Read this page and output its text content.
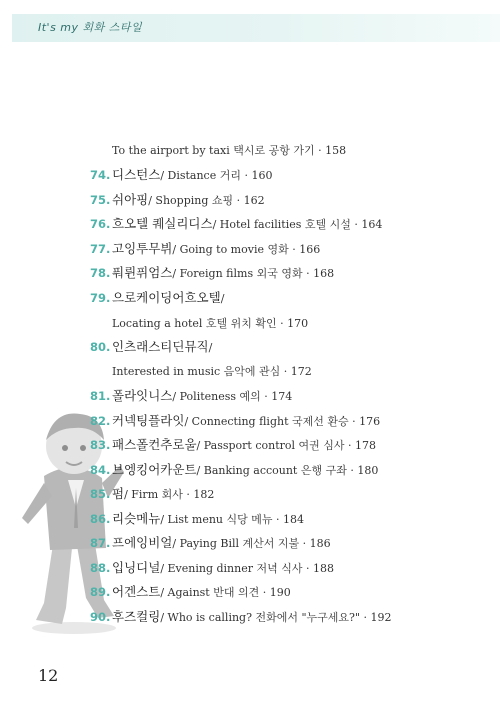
It's my 회화 스타일
To the airport by taxi 택시로 공항 가기 · 158
74. 디스턴스 / Distance 거리 · 160
75. 쉬아핑 / Shopping 쇼핑 · 162
76. 흐오텔 퀘실리디스 / Hotel facilities 호텔 시설 · 164
77. 고잉투무뷔 / Going to movie 영화 · 166
78. 풔륀퓌엄스 / Foreign films 외국 영화 · 168
79. 으로케이딩어흐오텔 /
Locating a hotel 호텔 위치 확인 · 170
80. 인츠래스티딘뮤직 /
Interested in music 음악에 관심 · 172
81. 폴라잇니스 / Politeness 예의 · 174
82. 커넥팅플라잇 / Connecting flight 국제선 환승 · 176
83. 패스폴컨추로울 / Passport control 여권 심사 · 178
84. 브엥킹어카운트 / Banking account 은행 구좌 · 180
85. 펌 / Firm 회사 · 182
86. 리슷메뉴 / List menu 식당 메뉴 · 184
87. 프에잉비얼 / Paying Bill 계산서 지불 · 186
88. 입닝디널 / Evening dinner 저녁 식사 · 188
89. 어겐스트 / Against 반대 의견 · 190
90. 후즈컬링 / Who is calling? 전화에서 "누구세요?" · 192
12
